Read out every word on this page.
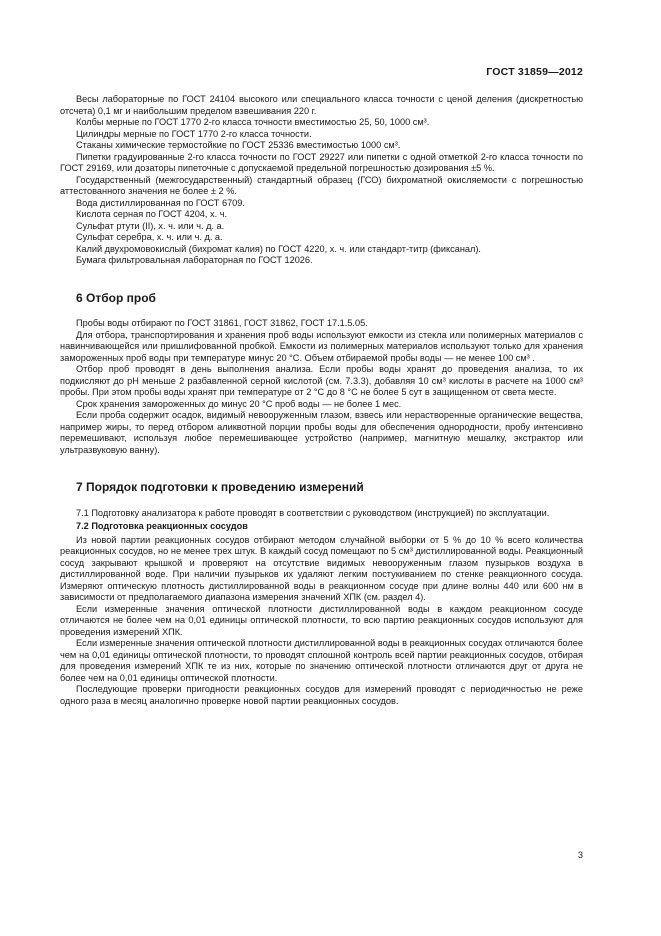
ГОСТ 31859—2012

Весы лабораторные по ГОСТ 24104 высокого или специального класса точности с ценой деления (дискретностью отсчета) 0,1 мг и наибольшим пределом взвешивания 220 г.

Колбы мерные по ГОСТ 1770 2-го класса точности вместимостью 25, 50, 1000 см³.

Цилиндры мерные по ГОСТ 1770 2-го класса точности.

Стаканы химические термостойкие по ГОСТ 25336 вместимостью 1000 см³.

Пипетки градуированные 2-го класса точности по ГОСТ 29227 или пипетки с одной отметкой 2-го класса точности по ГОСТ 29169, или дозаторы пипеточные с допускаемой предельной погрешностью дозирования ±5 %.

Государственный (межгосударственный) стандартный образец (ГСО) бихроматной окисляемости с погрешностью аттестованного значения не более ± 2 %.

Вода дистиллированная по ГОСТ 6709.

Кислота серная по ГОСТ 4204, х. ч.

Сульфат ртути (II), х. ч. или ч. д. а.

Сульфат серебра, х. ч. или ч. д. а.

Калий двухромовокислый (бихромат калия) по ГОСТ 4220, х. ч. или стандарт-титр (фиксанал).

Бумага фильтровальная лабораторная по ГОСТ 12026.

6 Отбор проб

Пробы воды отбирают по ГОСТ 31861, ГОСТ 31862, ГОСТ 17.1.5.05.

Для отбора, транспортирования и хранения проб воды используют емкости из стекла или полимерных материалов с навинчивающейся или пришлифованной пробкой. Емкости из полимерных материалов используют только для хранения замороженных проб воды при температуре минус 20 °С. Объем отбираемой пробы воды — не менее 100 см³ .

Отбор проб проводят в день выполнения анализа. Если пробы воды хранят до проведения анализа, то их подкисляют до pH меньше 2 разбавленной серной кислотой (см. 7.3.3), добавляя 10 см³ кислоты в расчете на 1000 см³ пробы. При этом пробы воды хранят при температуре от 2 °С до 8 °С не более 5 сут в защищенном от света месте.

Срок хранения замороженных до минус 20 °С проб воды — не более 1 мес.

Если проба содержит осадок, видимый невооруженным глазом, взвесь или нерастворенные органические вещества, например жиры, то перед отбором аликвотной порции пробы воды для обеспечения однородности, пробу интенсивно перемешивают, используя любое перемешивающее устройство (например, магнитную мешалку, экстрактор или ультразвуковую ванну).

7 Порядок подготовки к проведению измерений

7.1 Подготовку анализатора к работе проводят в соответствии с руководством (инструкцией) по эксплуатации.

7.2 Подготовка реакционных сосудов

Из новой партии реакционных сосудов отбирают методом случайной выборки от 5 % до 10 % всего количества реакционных сосудов, но не менее трех штук. В каждый сосуд помещают по 5 см³ дистиллированной воды. Реакционный сосуд закрывают крышкой и проверяют на отсутствие видимых невооруженным глазом пузырьков воздуха в дистиллированной воде. При наличии пузырьков их удаляют легким постукиванием по стенке реакционного сосуда. Измеряют оптическую плотность дистиллированной воды в реакционном сосуде при длине волны 440 или 600 нм в зависимости от предполагаемого диапазона измерения значений ХПК (см. раздел 4).

Если измеренные значения оптической плотности дистиллированной воды в каждом реакционном сосуде отличаются не более чем на 0,01 единицы оптической плотности, то всю партию реакционных сосудов используют для проведения измерений ХПК.

Если измеренные значения оптической плотности дистиллированной воды в реакционных сосудах отличаются более чем на 0,01 единицы оптической плотности, то проводят сплошной контроль всей партии реакционных сосудов, отбирая для проведения измерений ХПК те из них, которые по значению оптической плотности отличаются друг от друга не более чем на 0,01 единицы оптической плотности.

Последующие проверки пригодности реакционных сосудов для измерений проводят с периодичностью не реже одного раза в месяц аналогично проверке новой партии реакционных сосудов.

3
